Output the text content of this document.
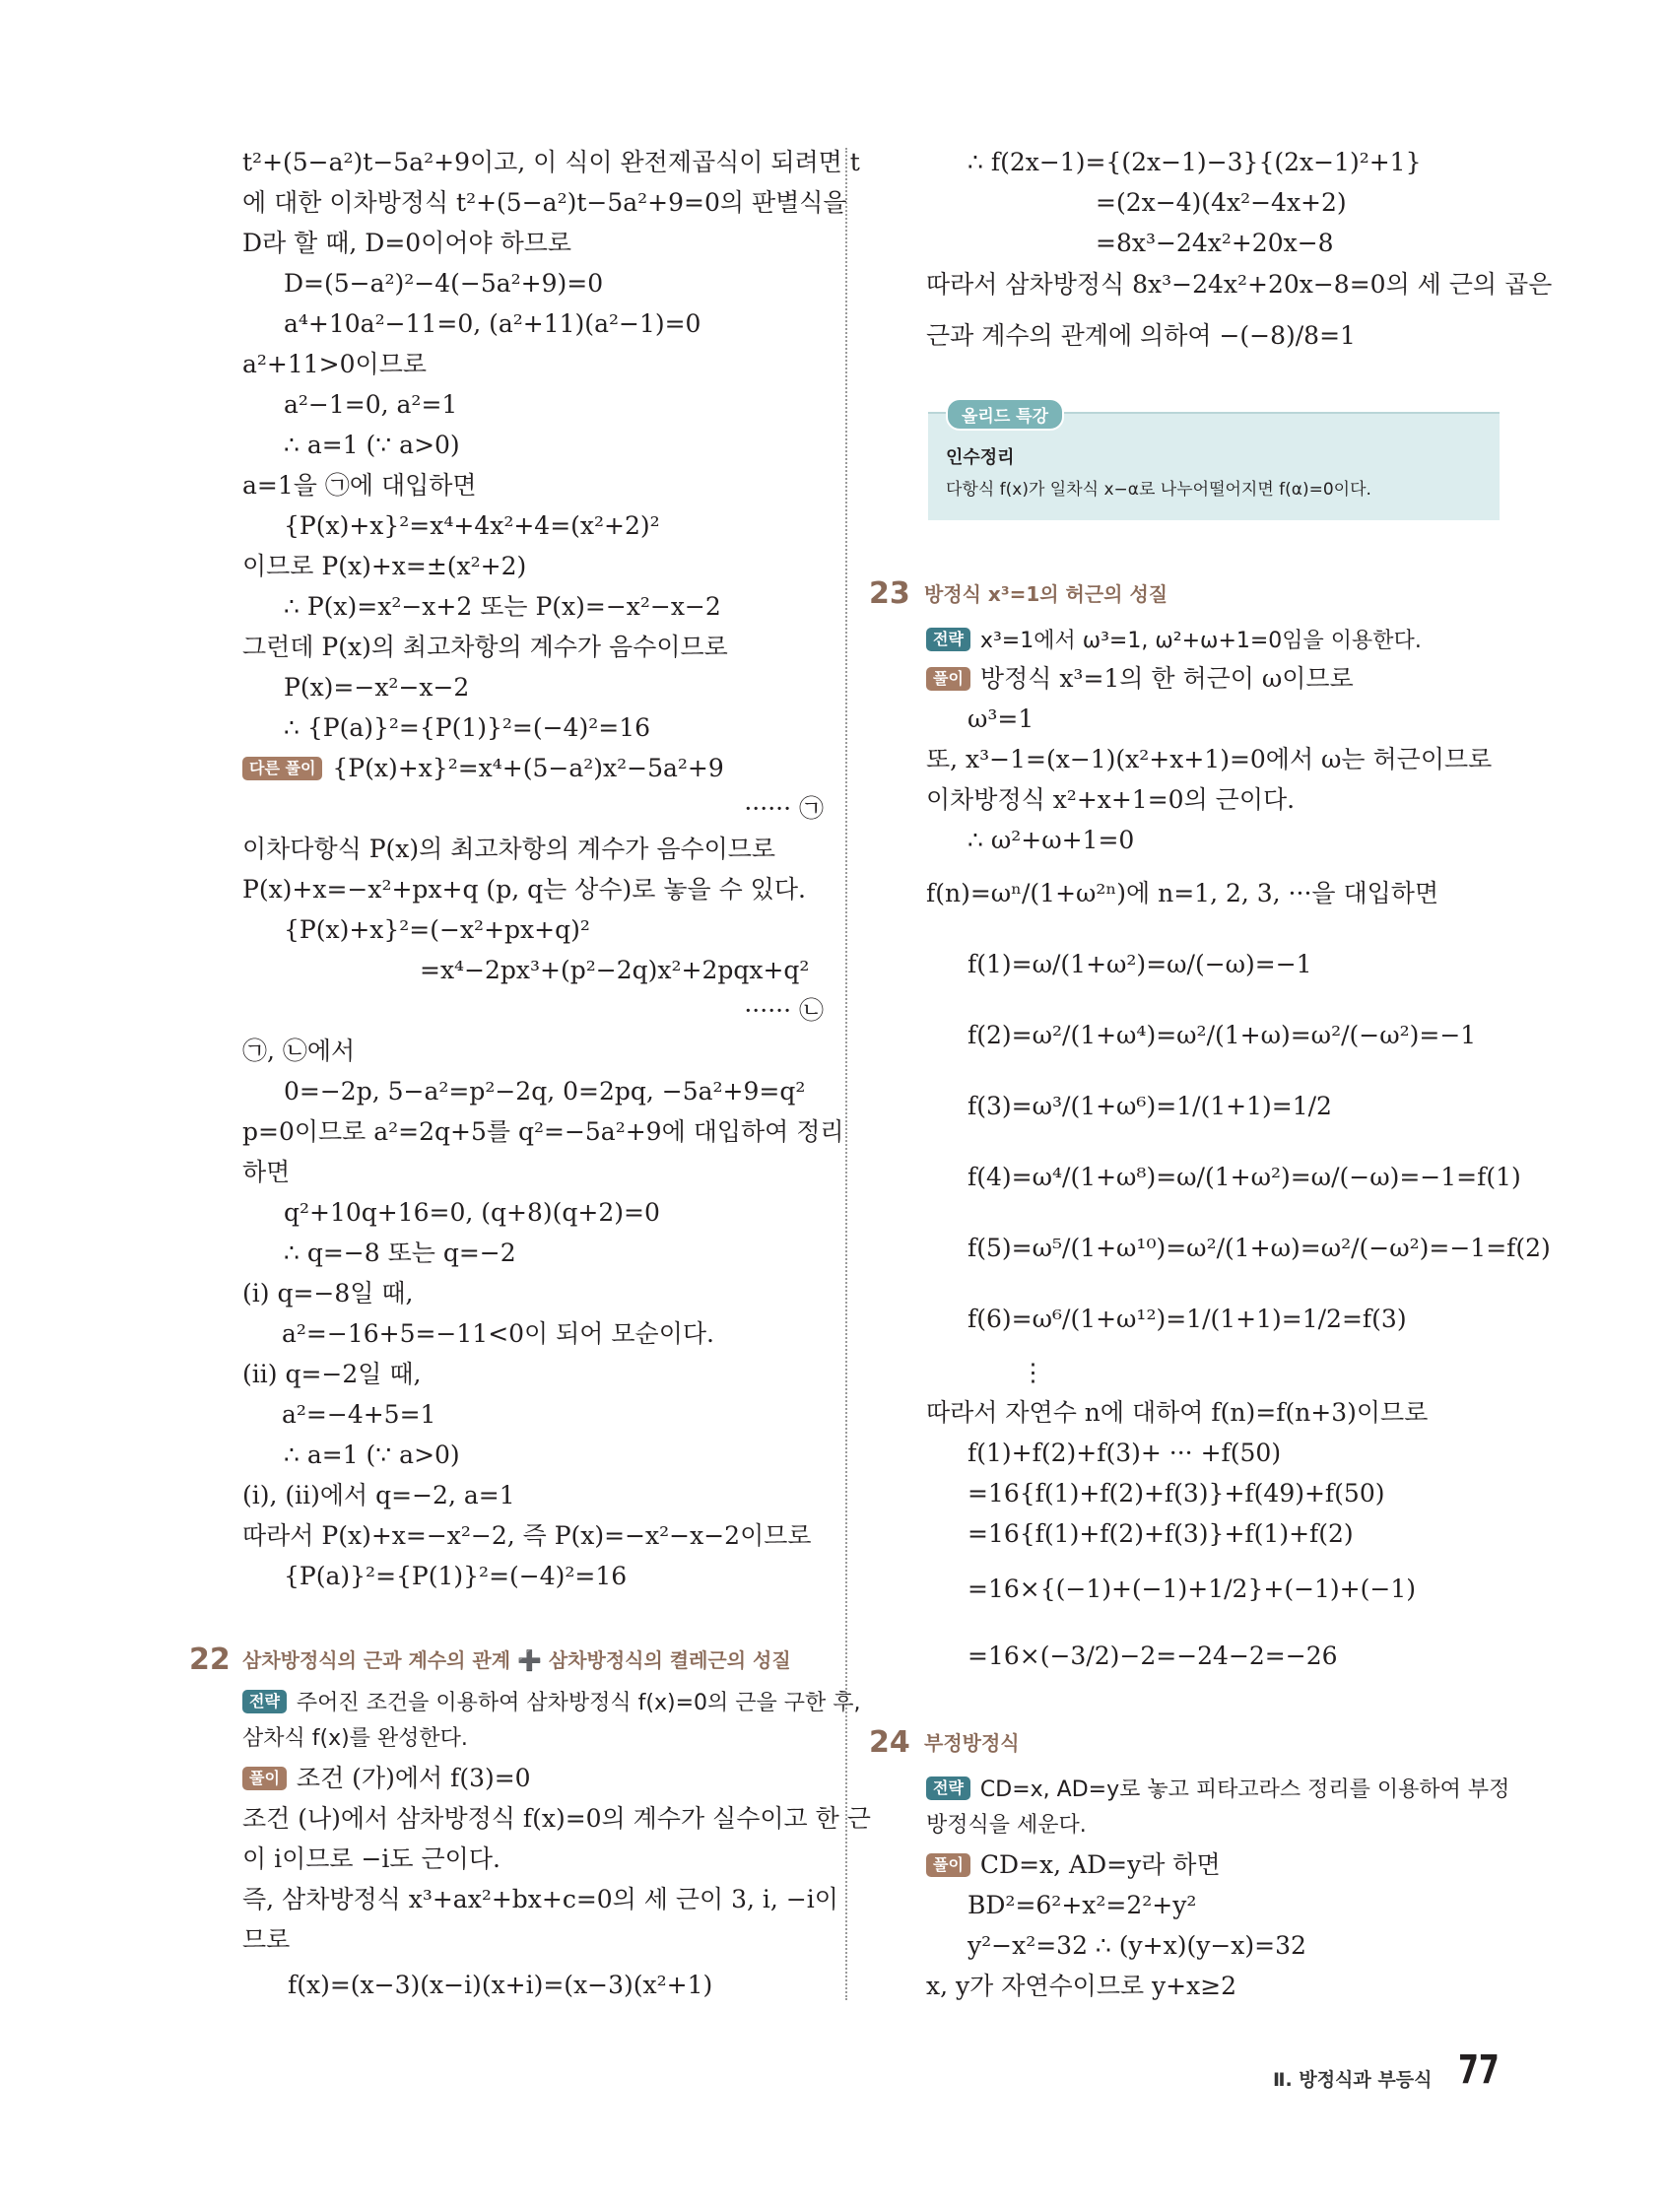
t²+(5−a²)t−5a²+9이고, 이 식이 완전제곱식이 되려면 t
에 대한 이차방정식 t²+(5−a²)t−5a²+9=0의 판별식을
D라 할 때, D=0이어야 하므로
D=(5−a²)²−4(−5a²+9)=0
a⁴+10a²−11=0, (a²+11)(a²−1)=0
a²+11>0이므로
a²−1=0, a²=1
∴ a=1 (∵ a>0)
a=1을 ㉠에 대입하면
{P(x)+x}²=x⁴+4x²+4=(x²+2)²
이므로 P(x)+x=±(x²+2)
∴ P(x)=x²−x+2 또는 P(x)=−x²−x−2
그런데 P(x)의 최고차항의 계수가 음수이므로
P(x)=−x²−x−2
∴ {P(a)}²={P(1)}²=(−4)²=16
다른 풀이 {P(x)+x}²=x⁴+(5−a²)x²−5a²+9
······ ㉠
이차다항식 P(x)의 최고차항의 계수가 음수이므로
P(x)+x=−x²+px+q (p, q는 상수)로 놓을 수 있다.
{P(x)+x}²=(−x²+px+q)²
=x⁴−2px³+(p²−2q)x²+2pqx+q²
······ ㉡
㉠, ㉡에서
0=−2p, 5−a²=p²−2q, 0=2pq, −5a²+9=q²
p=0이므로 a²=2q+5를 q²=−5a²+9에 대입하여 정리
하면
q²+10q+16=0, (q+8)(q+2)=0
∴ q=−8 또는 q=−2
(i) q=−8일 때,
a²=−16+5=−11<0이 되어 모순이다.
(ii) q=−2일 때,
a²=−4+5=1
∴ a=1 (∵ a>0)
(i), (ii)에서 q=−2, a=1
따라서 P(x)+x=−x²−2, 즉 P(x)=−x²−x−2이므로
{P(a)}²={P(1)}²=(−4)²=16
22 삼차방정식의 근과 계수의 관계 ➕ 삼차방정식의 켤레근의 성질
전략 주어진 조건을 이용하여 삼차방정식 f(x)=0의 근을 구한 후,
삼차식 f(x)를 완성한다.
풀이 조건 (가)에서 f(3)=0
조건 (나)에서 삼차방정식 f(x)=0의 계수가 실수이고 한 근
이 i이므로 −i도 근이다.
즉, 삼차방정식 x³+ax²+bx+c=0의 세 근이 3, i, −i이
므로
f(x)=(x−3)(x−i)(x+i)=(x−3)(x²+1)
∴ f(2x−1)={(2x−1)−3}{(2x−1)²+1}
=(2x−4)(4x²−4x+2)
=8x³−24x²+20x−8
따라서 삼차방정식 8x³−24x²+20x−8=0의 세 근의 곱은
근과 계수의 관계에 의하여 −(−8)/8=1
올리드 특강
인수정리
다항식 f(x)가 일차식 x−α로 나누어떨어지면 f(α)=0이다.
23 방정식 x³=1의 허근의 성질
전략 x³=1에서 ω³=1, ω²+ω+1=0임을 이용한다.
풀이 방정식 x³=1의 한 허근이 ω이므로
ω³=1
또, x³−1=(x−1)(x²+x+1)=0에서 ω는 허근이므로
이차방정식 x²+x+1=0의 근이다.
∴ ω²+ω+1=0
f(n)=ωⁿ/(1+ω²ⁿ)에 n=1, 2, 3, ···을 대입하면
f(1)=ω/(1+ω²)=ω/(−ω)=−1
f(2)=ω²/(1+ω⁴)=ω²/(1+ω)=ω²/(−ω²)=−1
f(3)=ω³/(1+ω⁶)=1/(1+1)=1/2
f(4)=ω⁴/(1+ω⁸)=ω/(1+ω²)=ω/(−ω)=−1=f(1)
f(5)=ω⁵/(1+ω¹⁰)=ω²/(1+ω)=ω²/(−ω²)=−1=f(2)
f(6)=ω⁶/(1+ω¹²)=1/(1+1)=1/2=f(3)
⋮
따라서 자연수 n에 대하여 f(n)=f(n+3)이므로
f(1)+f(2)+f(3)+ ··· +f(50)
=16{f(1)+f(2)+f(3)}+f(49)+f(50)
=16{f(1)+f(2)+f(3)}+f(1)+f(2)
=16×{(−1)+(−1)+1/2}+(−1)+(−1)
=16×(−3/2)−2=−24−2=−26
24 부정방정식
전략 CD=x, AD=y로 놓고 피타고라스 정리를 이용하여 부정
방정식을 세운다.
풀이 CD=x, AD=y라 하면
BD²=6²+x²=2²+y²
y²−x²=32 ∴ (y+x)(y−x)=32
x, y가 자연수이므로 y+x≥2
Ⅱ. 방정식과 부등식 77
